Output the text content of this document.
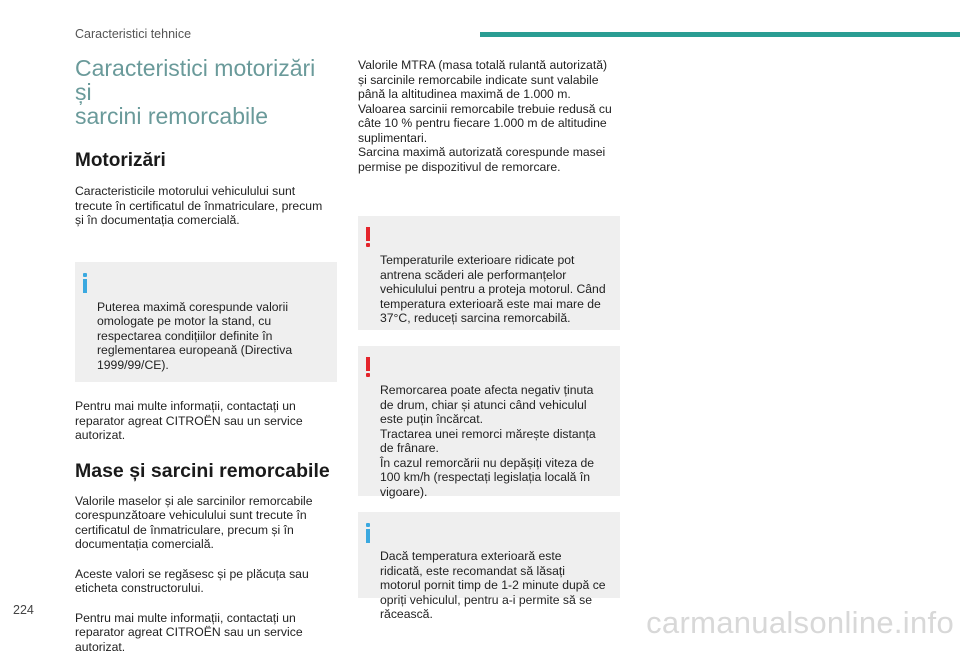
Caracteristici tehnice
Caracteristici motorizări și
sarcini remorcabile
Motorizări

Caracteristicile motorului vehiculului sunt
trecute în certificatul de înmatriculare, precum
și în documentația comercială.

Puterea maximă corespunde valorii
omologate pe motor la stand, cu
respectarea condițiilor definite în
reglementarea europeană (Directiva
1999/99/CE).

Pentru mai multe informații, contactați un
reparator agreat CITROËN sau un service
autorizat.

Mase și sarcini remorcabile

Valorile maselor și ale sarcinilor remorcabile
corespunzătoare vehiculului sunt trecute în
certificatul de înmatriculare, precum și în
documentația comercială.

Aceste valori se regăsesc și pe plăcuța sau
eticheta constructorului.

Pentru mai multe informații, contactați un
reparator agreat CITROËN sau un service
autorizat.

Valorile MTRA (masa totală rulantă autorizată)
și sarcinile remorcabile indicate sunt valabile
până la altitudinea maximă de 1.000 m.
Valoarea sarcinii remorcabile trebuie redusă cu
câte 10 % pentru fiecare 1.000 m de altitudine
suplimentari.
Sarcina maximă autorizată corespunde masei
permise pe dispozitivul de remorcare.

Temperaturile exterioare ridicate pot
antrena scăderi ale performanțelor
vehiculului pentru a proteja motorul. Când
temperatura exterioară este mai mare de
37°C, reduceți sarcina remorcabilă.

Remorcarea poate afecta negativ ținuta
de drum, chiar și atunci când vehiculul
este puțin încărcat.
Tractarea unei remorci mărește distanța
de frânare.
În cazul remorcării nu depășiți viteza de
100 km/h (respectați legislația locală în
vigoare).

Dacă temperatura exterioară este
ridicată, este recomandat să lăsați
motorul pornit timp de 1-2 minute după ce
opriți vehiculul, pentru a-i permite să se
răcească.

224	carmanualsonline.info
